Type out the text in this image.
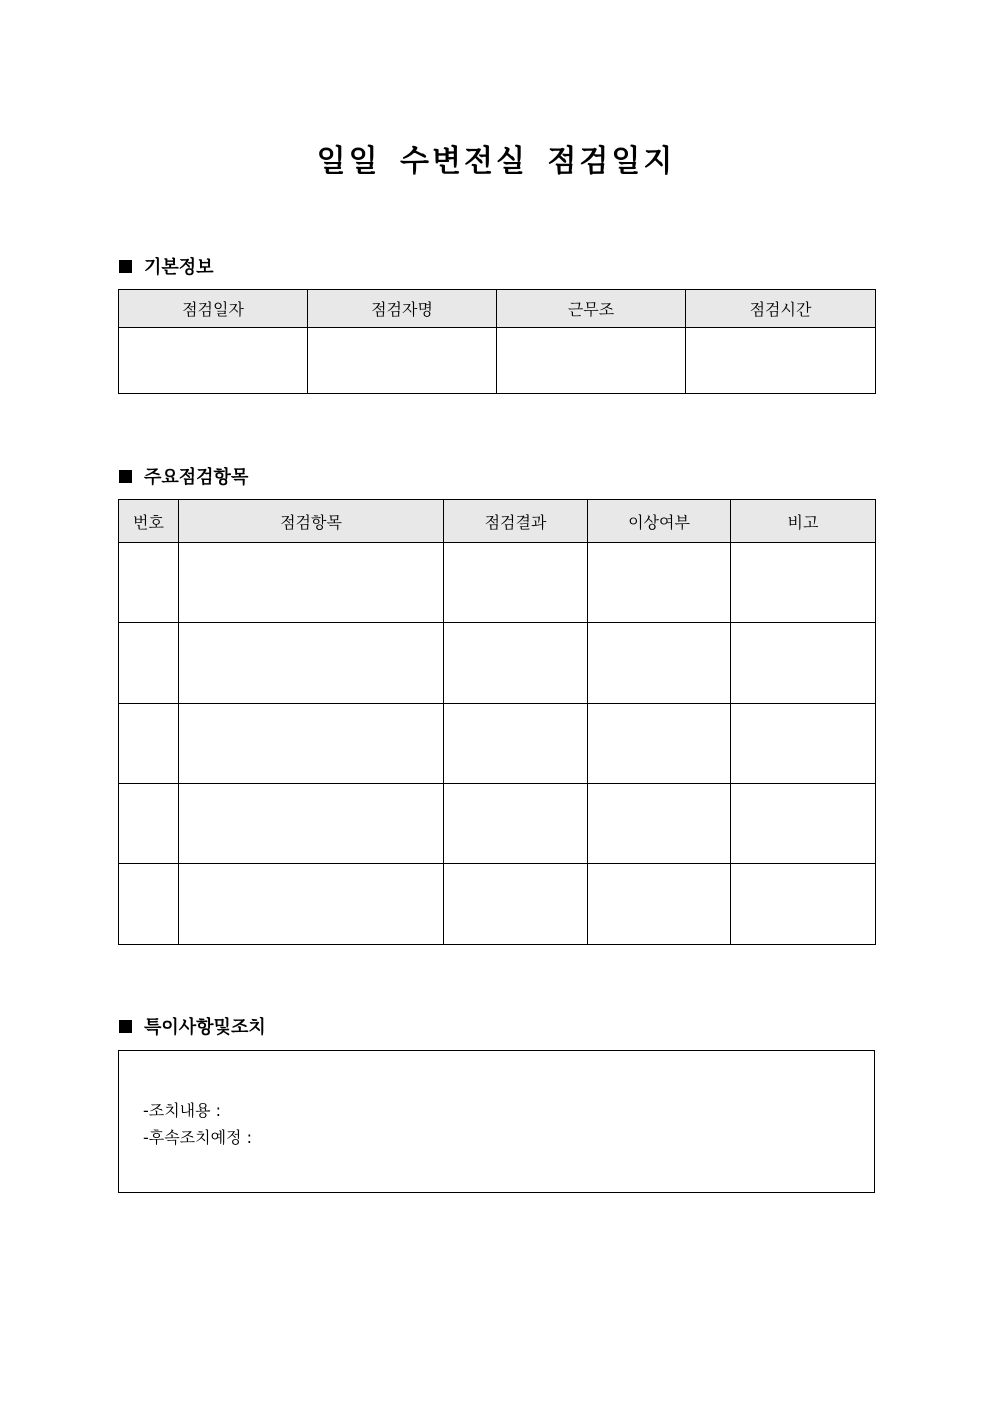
일일 수변전실 점검일지
기본정보
점검일자	점검자명	근무조	점검시간

주요점검항목
번호	점검항목	점검결과	이상여부	비고

특이사항및조치
-조치내용 :
-후속조치예정 :
